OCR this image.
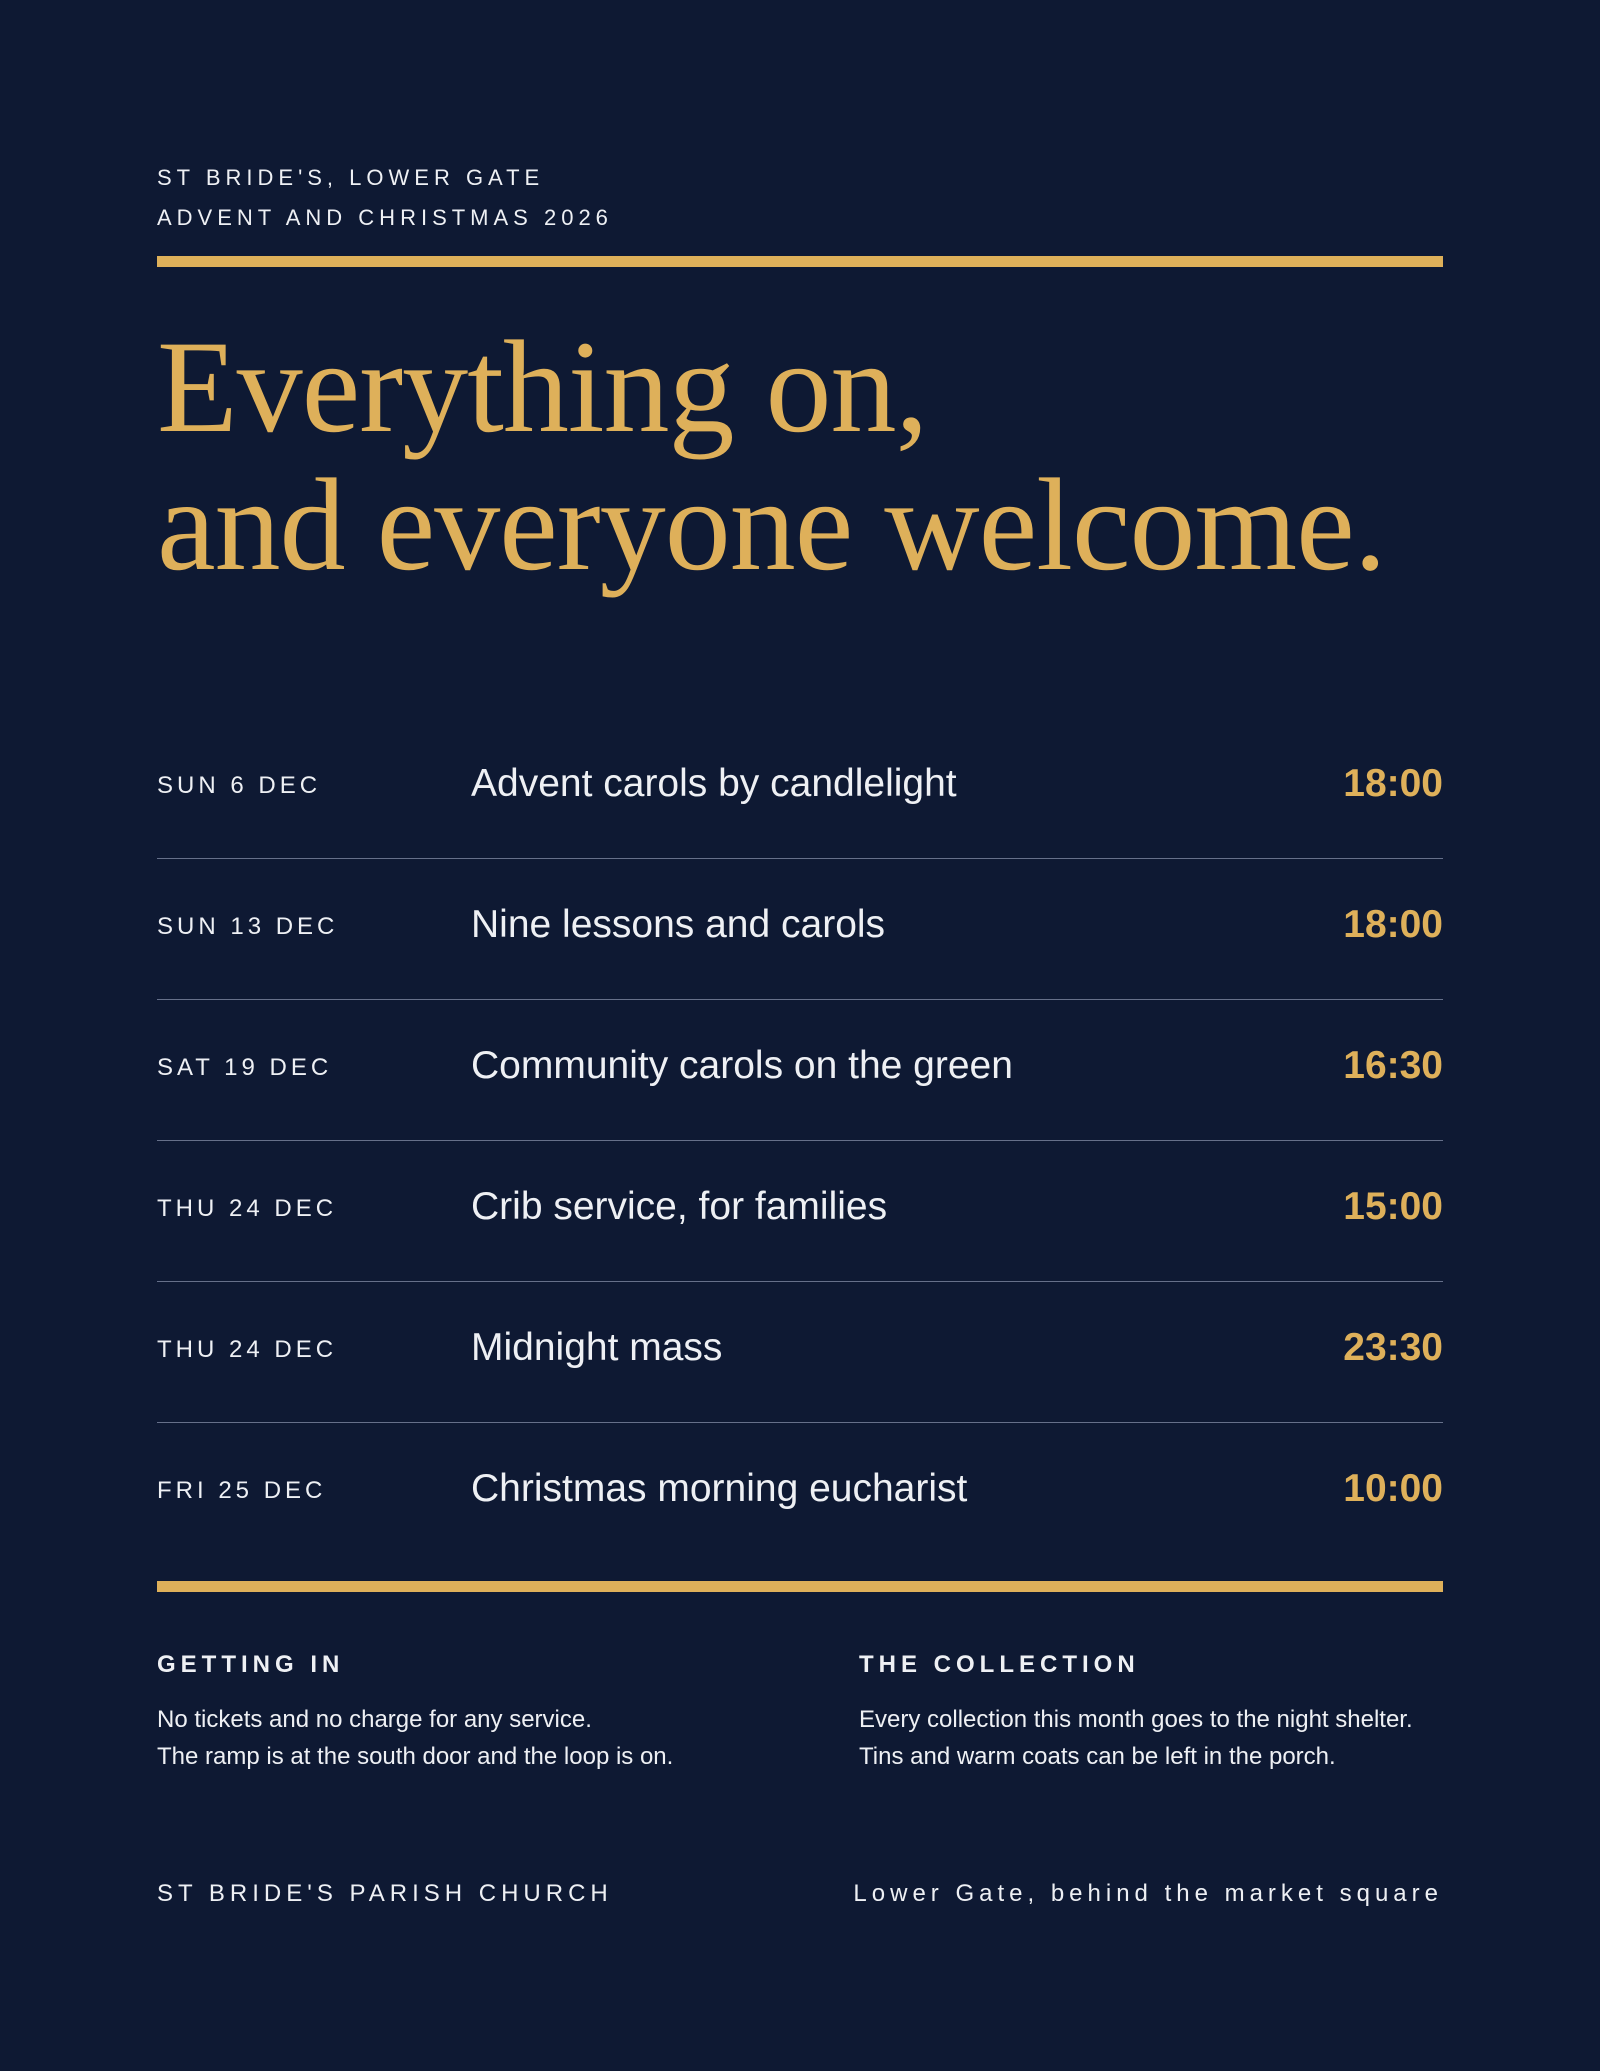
ST BRIDE'S, LOWER GATE
ADVENT AND CHRISTMAS 2026
Everything on,
and everyone welcome.
SUN 6 DEC	Advent carols by candlelight	18:00
SUN 13 DEC	Nine lessons and carols	18:00
SAT 19 DEC	Community carols on the green	16:30
THU 24 DEC	Crib service, for families	15:00
THU 24 DEC	Midnight mass	23:30
FRI 25 DEC	Christmas morning eucharist	10:00
GETTING IN
No tickets and no charge for any service.
The ramp is at the south door and the loop is on.
THE COLLECTION
Every collection this month goes to the night shelter.
Tins and warm coats can be left in the porch.
ST BRIDE'S PARISH CHURCH	Lower Gate, behind the market square
